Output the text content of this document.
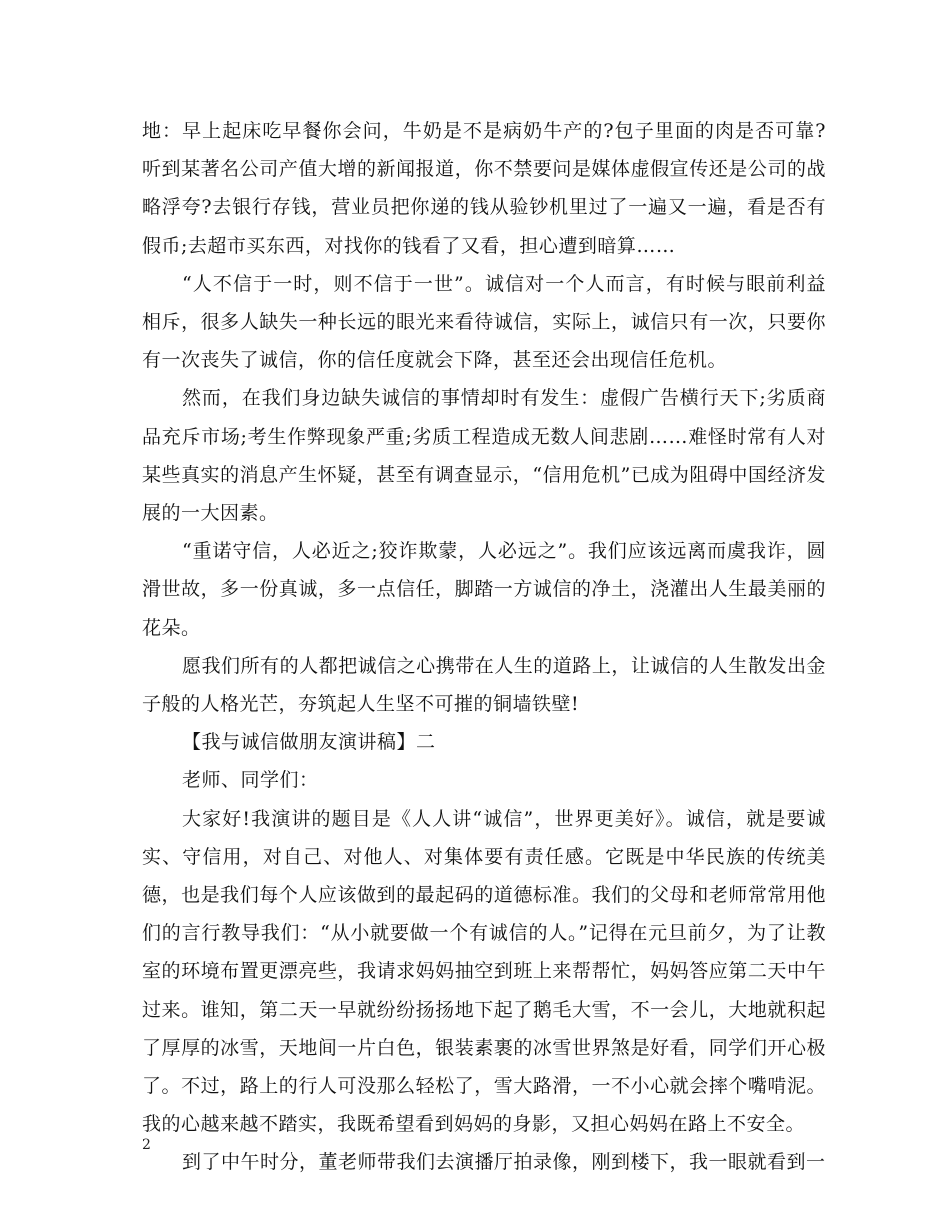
地：早上起床吃早餐你会问，牛奶是不是病奶牛产的?包子里面的肉是否可靠?听到某著名公司产值大增的新闻报道，你不禁要问是媒体虚假宣传还是公司的战略浮夸?去银行存钱，营业员把你递的钱从验钞机里过了一遍又一遍，看是否有假币;去超市买东西，对找你的钱看了又看，担心遭到暗算……

“人不信于一时，则不信于一世”。诚信对一个人而言，有时候与眼前利益相斥，很多人缺失一种长远的眼光来看待诚信，实际上，诚信只有一次，只要你有一次丧失了诚信，你的信任度就会下降，甚至还会出现信任危机。

然而，在我们身边缺失诚信的事情却时有发生：虚假广告横行天下;劣质商品充斥市场;考生作弊现象严重;劣质工程造成无数人间悲剧……难怪时常有人对某些真实的消息产生怀疑，甚至有调查显示，“信用危机”已成为阻碍中国经济发展的一大因素。

“重诺守信，人必近之;狡诈欺蒙，人必远之”。我们应该远离而虞我诈，圆滑世故，多一份真诚，多一点信任，脚踏一方诚信的净土，浇灌出人生最美丽的花朵。

愿我们所有的人都把诚信之心携带在人生的道路上，让诚信的人生散发出金子般的人格光芒，夯筑起人生坚不可摧的铜墙铁壁!

【我与诚信做朋友演讲稿】二

老师、同学们：

大家好!我演讲的题目是《人人讲“诚信”，世界更美好》。诚信，就是要诚实、守信用，对自己、对他人、对集体要有责任感。它既是中华民族的传统美德，也是我们每个人应该做到的最起码的道德标准。我们的父母和老师常常用他们的言行教导我们：“从小就要做一个有诚信的人。”记得在元旦前夕，为了让教室的环境布置更漂亮些，我请求妈妈抽空到班上来帮帮忙，妈妈答应第二天中午过来。谁知，第二天一早就纷纷扬扬地下起了鹅毛大雪，不一会儿，大地就积起了厚厚的冰雪，天地间一片白色，银装素裹的冰雪世界煞是好看，同学们开心极了。不过，路上的行人可没那么轻松了，雪大路滑，一不小心就会摔个嘴啃泥。我的心越来越不踏实，我既希望看到妈妈的身影，又担心妈妈在路上不安全。

到了中午时分，董老师带我们去演播厅拍录像，刚到楼下，我一眼就看到一

2
